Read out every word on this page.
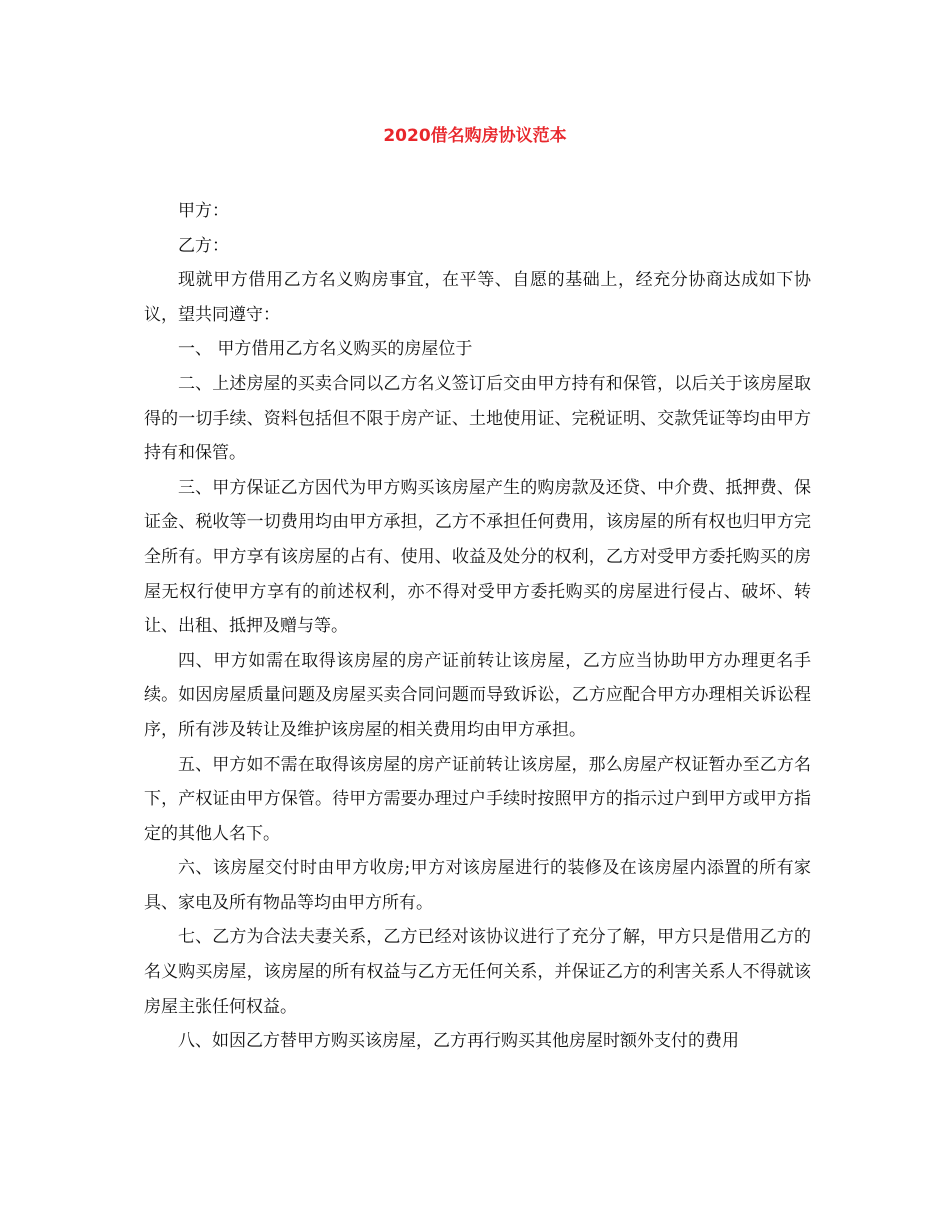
2020借名购房协议范本

甲方：

乙方：

现就甲方借用乙方名义购房事宜，在平等、自愿的基础上，经充分协商达成如下协议，望共同遵守：

一、 甲方借用乙方名义购买的房屋位于

二、上述房屋的买卖合同以乙方名义签订后交由甲方持有和保管，以后关于该房屋取得的一切手续、资料包括但不限于房产证、土地使用证、完税证明、交款凭证等均由甲方持有和保管。

三、甲方保证乙方因代为甲方购买该房屋产生的购房款及还贷、中介费、抵押费、保证金、税收等一切费用均由甲方承担，乙方不承担任何费用，该房屋的所有权也归甲方完全所有。甲方享有该房屋的占有、使用、收益及处分的权利，乙方对受甲方委托购买的房屋无权行使甲方享有的前述权利，亦不得对受甲方委托购买的房屋进行侵占、破坏、转让、出租、抵押及赠与等。

四、甲方如需在取得该房屋的房产证前转让该房屋，乙方应当协助甲方办理更名手续。如因房屋质量问题及房屋买卖合同问题而导致诉讼，乙方应配合甲方办理相关诉讼程序，所有涉及转让及维护该房屋的相关费用均由甲方承担。

五、甲方如不需在取得该房屋的房产证前转让该房屋，那么房屋产权证暂办至乙方名下，产权证由甲方保管。待甲方需要办理过户手续时按照甲方的指示过户到甲方或甲方指定的其他人名下。

六、该房屋交付时由甲方收房;甲方对该房屋进行的装修及在该房屋内添置的所有家具、家电及所有物品等均由甲方所有。

七、乙方为合法夫妻关系，乙方已经对该协议进行了充分了解，甲方只是借用乙方的名义购买房屋，该房屋的所有权益与乙方无任何关系，并保证乙方的利害关系人不得就该房屋主张任何权益。

八、如因乙方替甲方购买该房屋，乙方再行购买其他房屋时额外支付的费用
